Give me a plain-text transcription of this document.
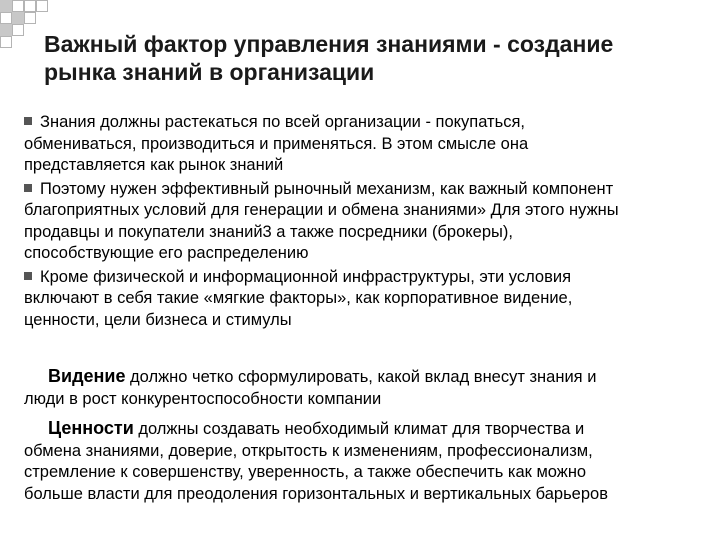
Важный фактор управления знаниями - создание
рынка знаний в организации
Знания должны растекаться по всей организации - покупаться,
обмениваться, производиться и применяться. В этом смысле она
представляется как рынок знаний
Поэтому нужен эффективный рыночный механизм, как важный компонент
благоприятных условий для генерации и обмена знаниями» Для этого нужны
продавцы и покупатели знаний3 а также посредники (брокеры),
способствующие его распределению
Кроме физической и информационной инфраструктуры, эти условия
включают в себя такие «мягкие факторы», как корпоративное видение,
ценности, цели бизнеса и стимулы
Видение должно четко сформулировать, какой вклад внесут знания и
люди в рост конкурентоспособности компании
Ценности должны создавать необходимый климат для творчества и
обмена знаниями, доверие, открытость к изменениям, профессионализм,
стремление к совершенству, уверенность, а также обеспечить как можно
больше власти для преодоления горизонтальных и вертикальных барьеров
